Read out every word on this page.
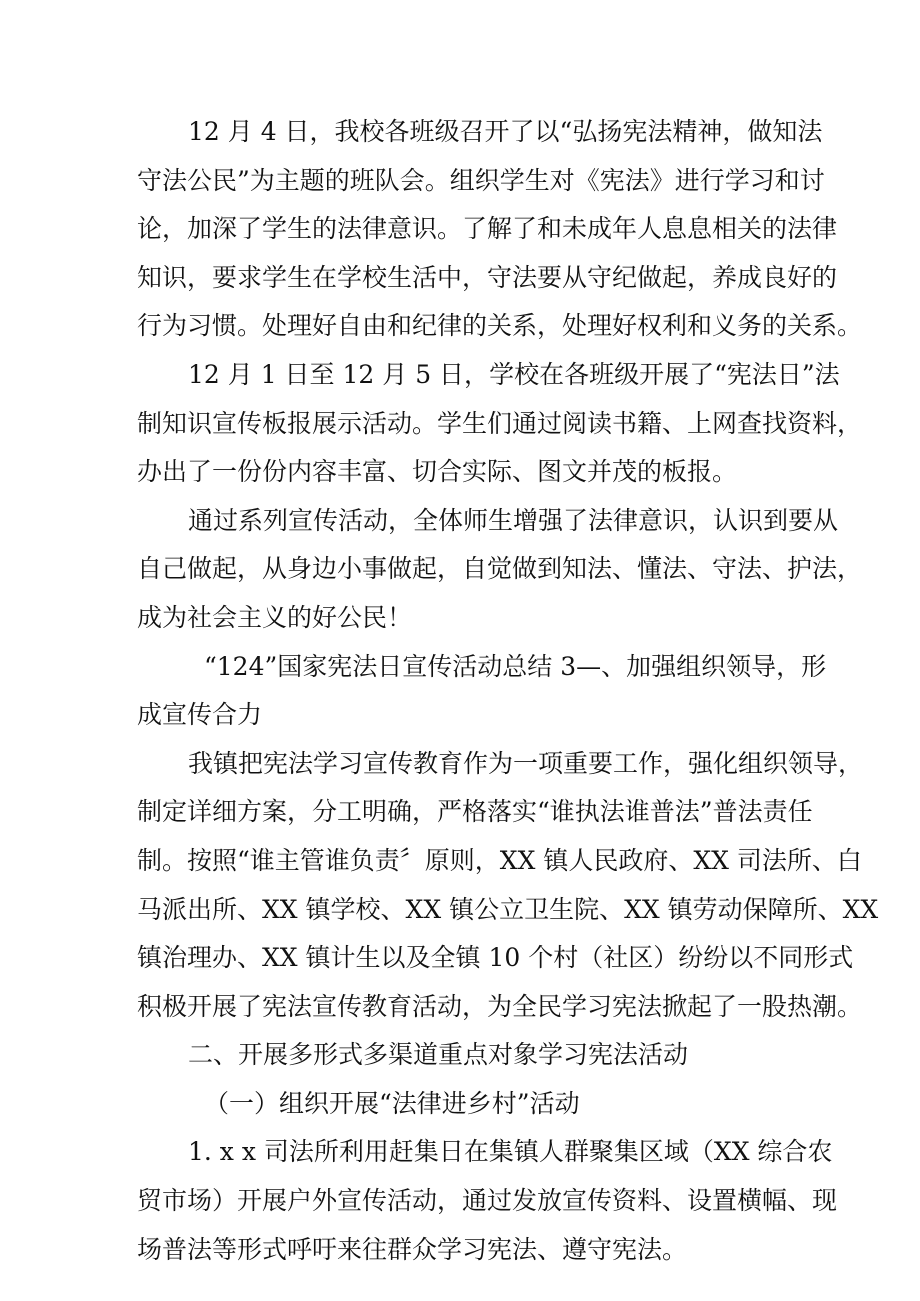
12 月 4 日，我校各班级召开了以“弘扬宪法精神，做知法
守法公民”为主题的班队会。组织学生对《宪法》进行学习和讨
论，加深了学生的法律意识。了解了和未成年人息息相关的法律
知识，要求学生在学校生活中，守法要从守纪做起，养成良好的
行为习惯。处理好自由和纪律的关系，处理好权利和义务的关系。

12 月 1 日至 12 月 5 日，学校在各班级开展了“宪法日”法
制知识宣传板报展示活动。学生们通过阅读书籍、上网查找资料，
办出了一份份内容丰富、切合实际、图文并茂的板报。

通过系列宣传活动，全体师生增强了法律意识，认识到要从
自己做起，从身边小事做起，自觉做到知法、懂法、守法、护法，
成为社会主义的好公民！

“124”国家宪法日宣传活动总结 3—、加强组织领导，形
成宣传合力

我镇把宪法学习宣传教育作为一项重要工作，强化组织领导，
制定详细方案，分工明确，严格落实“谁执法谁普法”普法责任
制。按照“谁主管谁负责〞原则，XX 镇人民政府、XX 司法所、白
马派出所、XX 镇学校、XX 镇公立卫生院、XX 镇劳动保障所、XX
镇治理办、XX 镇计生以及全镇 10 个村（社区）纷纷以不同形式
积极开展了宪法宣传教育活动，为全民学习宪法掀起了一股热潮。

二、开展多形式多渠道重点对象学习宪法活动

（一）组织开展“法律进乡村”活动

1. x x 司法所利用赶集日在集镇人群聚集区域（XX 综合农
贸市场）开展户外宣传活动，通过发放宣传资料、设置横幅、现
场普法等形式呼吁来往群众学习宪法、遵守宪法。
